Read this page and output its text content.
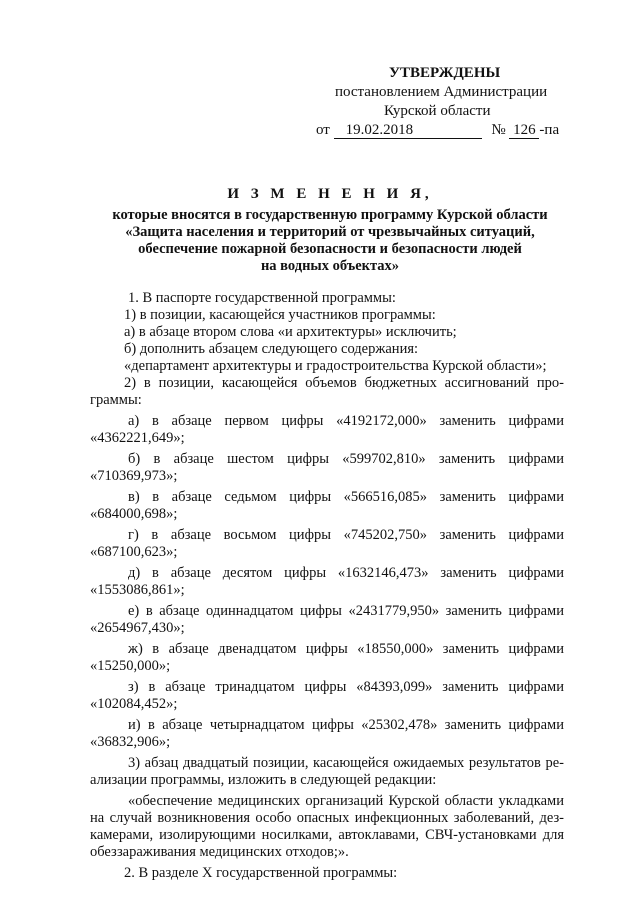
УТВЕРЖДЕНЫ
постановлением Администрации
Курской области
от 19.02.2018	№ 126 -па
И З М Е Н Е Н И Я,
которые вносятся в государственную программу Курской области
«Защита населения и территорий от чрезвычайных ситуаций,
обеспечение пожарной безопасности и безопасности людей
на водных объектах»

1. В паспорте государственной программы:

1) в позиции, касающейся участников программы:

а) в абзаце втором слова «и архитектуры» исключить;

б) дополнить абзацем следующего содержания:

«департамент архитектуры и градостроительства Курской области»;

2) в позиции, касающейся объемов бюджетных ассигнований про-
граммы:
а) в абзаце первом цифры «4192172,000» заменить цифрами
«4362221,649»;
б) в абзаце шестом цифры «599702,810» заменить цифрами
«710369,973»;
в) в абзаце седьмом цифры «566516,085» заменить цифрами
«684000,698»;
г) в абзаце восьмом цифры «745202,750» заменить цифрами
«687100,623»;
д) в абзаце десятом цифры «1632146,473» заменить цифрами
«1553086,861»;
е) в абзаце одиннадцатом цифры «2431779,950» заменить цифрами
«2654967,430»;
ж) в абзаце двенадцатом цифры «18550,000» заменить цифрами
«15250,000»;
з) в абзаце тринадцатом цифры «84393,099» заменить цифрами
«102084,452»;
и) в абзаце четырнадцатом цифры «25302,478» заменить цифрами
«36832,906»;
3) абзац двадцатый позиции, касающейся ожидаемых результатов ре-
ализации программы, изложить в следующей редакции:
«обеспечение медицинских организаций Курской области укладками
на случай возникновения особо опасных инфекционных заболеваний, дез-
камерами, изолирующими носилками, автоклавами, СВЧ-установками для
обеззараживания медицинских отходов;».

2. В разделе Х государственной программы:
